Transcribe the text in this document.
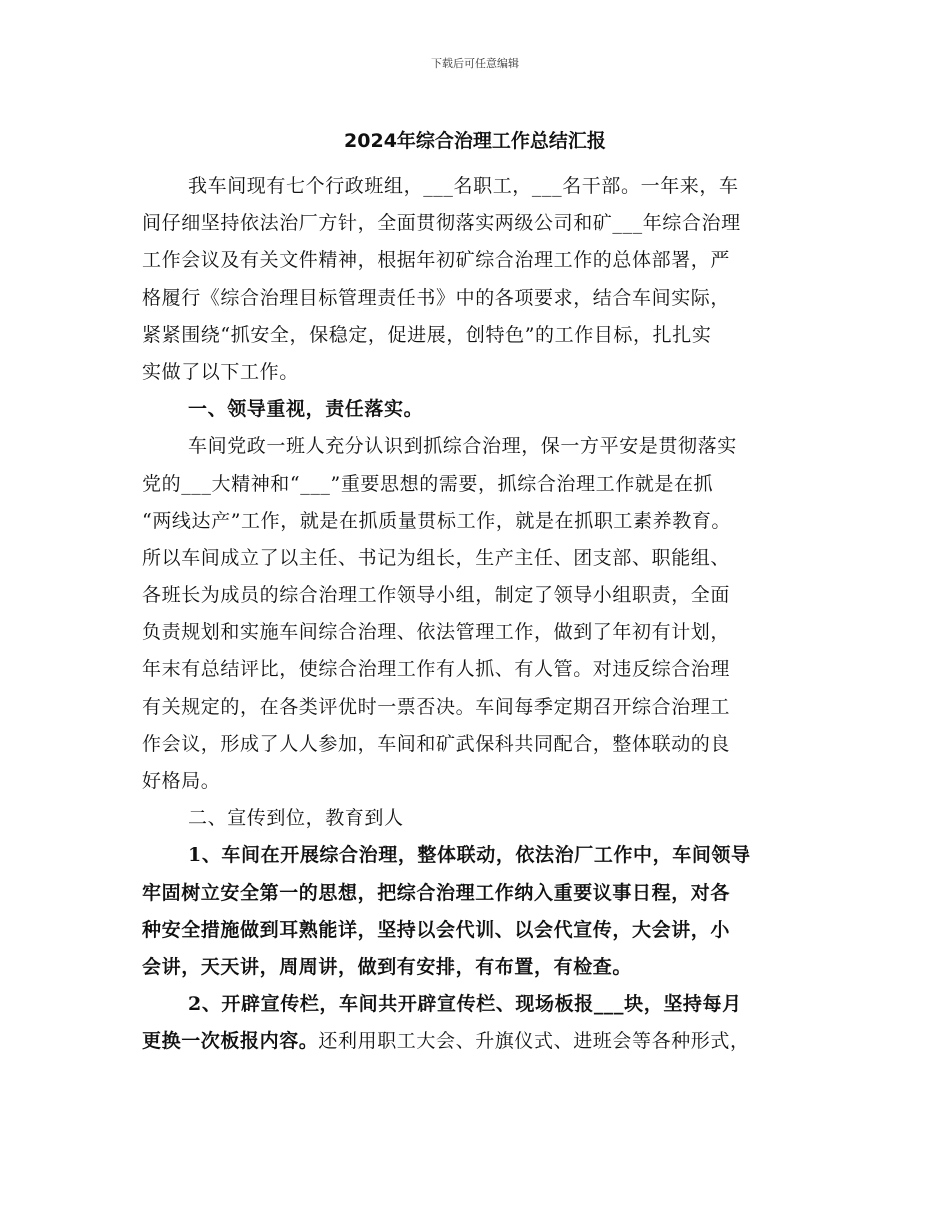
下载后可任意编辑
2024年综合治理工作总结汇报
我车间现有七个行政班组，___名职工，___名干部。一年来，车
间仔细坚持依法治厂方针，全面贯彻落实两级公司和矿___年综合治理
工作会议及有关文件精神，根据年初矿综合治理工作的总体部署，严
格履行《综合治理目标管理责任书》中的各项要求，结合车间实际，
紧紧围绕“抓安全，保稳定，促进展，创特色”的工作目标，扎扎实
实做了以下工作。
一、领导重视，责任落实。
车间党政一班人充分认识到抓综合治理，保一方平安是贯彻落实
党的___大精神和“___”重要思想的需要，抓综合治理工作就是在抓
“两线达产”工作，就是在抓质量贯标工作，就是在抓职工素养教育。
所以车间成立了以主任、书记为组长，生产主任、团支部、职能组、
各班长为成员的综合治理工作领导小组，制定了领导小组职责，全面
负责规划和实施车间综合治理、依法管理工作，做到了年初有计划，
年末有总结评比，使综合治理工作有人抓、有人管。对违反综合治理
有关规定的，在各类评优时一票否决。车间每季定期召开综合治理工
作会议，形成了人人参加，车间和矿武保科共同配合，整体联动的良
好格局。
二、宣传到位，教育到人
1、车间在开展综合治理，整体联动，依法治厂工作中，车间领导
牢固树立安全第一的思想，把综合治理工作纳入重要议事日程，对各
种安全措施做到耳熟能详，坚持以会代训、以会代宣传，大会讲，小
会讲，天天讲，周周讲，做到有安排，有布置，有检查。
2、开辟宣传栏，车间共开辟宣传栏、现场板报___块，坚持每月
更换一次板报内容。还利用职工大会、升旗仪式、进班会等各种形式，
